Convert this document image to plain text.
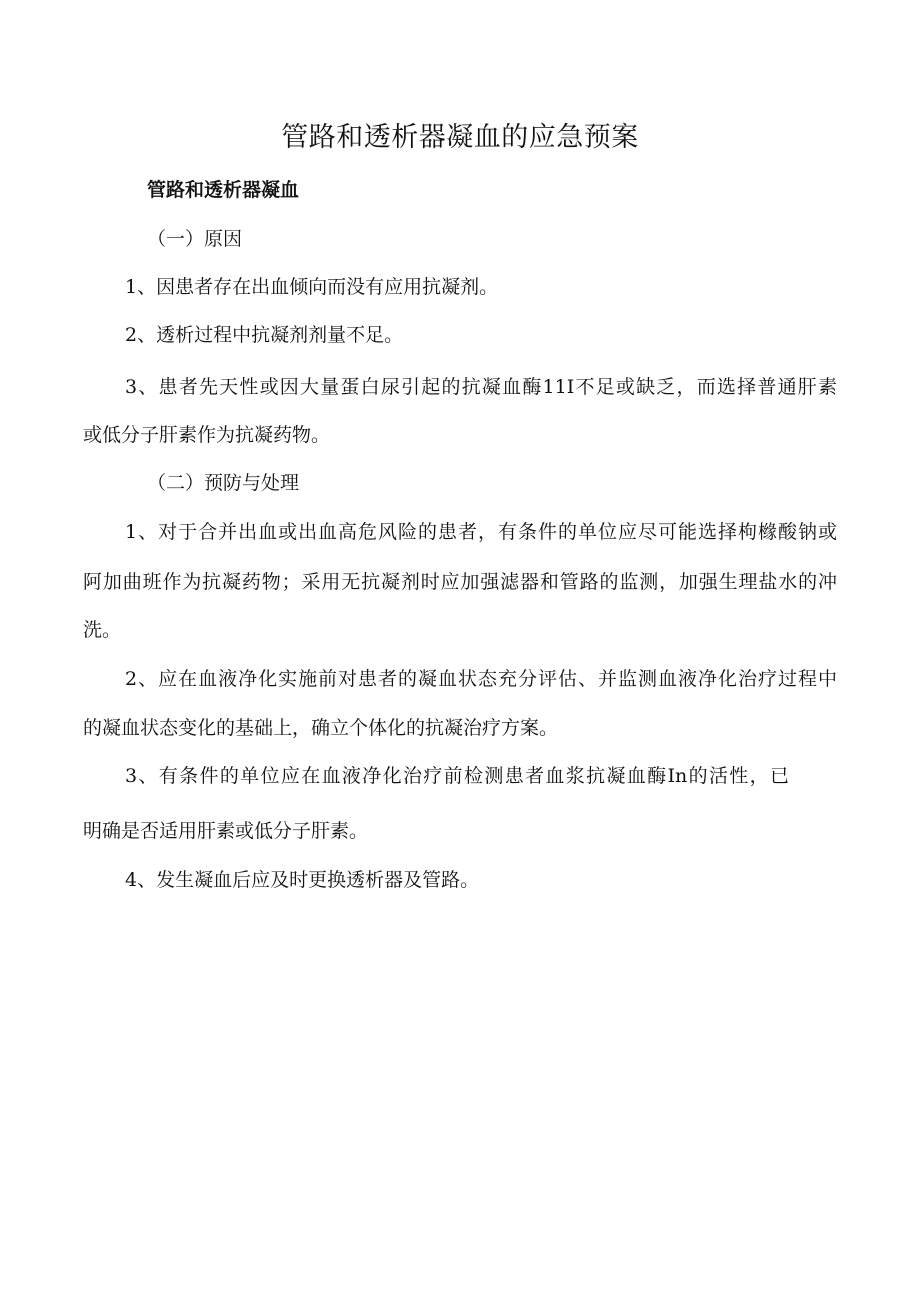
管路和透析器凝血的应急预案
管路和透析器凝血
（一）原因
1、因患者存在出血倾向而没有应用抗凝剂。
2、透析过程中抗凝剂剂量不足。
3、患者先天性或因大量蛋白尿引起的抗凝血酶11I不足或缺乏，而选择普通肝素
或低分子肝素作为抗凝药物。
（二）预防与处理
1、对于合并出血或出血高危风险的患者，有条件的单位应尽可能选择枸橼酸钠或
阿加曲班作为抗凝药物；采用无抗凝剂时应加强滤器和管路的监测，加强生理盐水的冲
洗。
2、应在血液净化实施前对患者的凝血状态充分评估、并监测血液净化治疗过程中
的凝血状态变化的基础上，确立个体化的抗凝治疗方案。
3、有条件的单位应在血液净化治疗前检测患者血浆抗凝血酶In的活性，已
明确是否适用肝素或低分子肝素。
4、发生凝血后应及时更换透析器及管路。
